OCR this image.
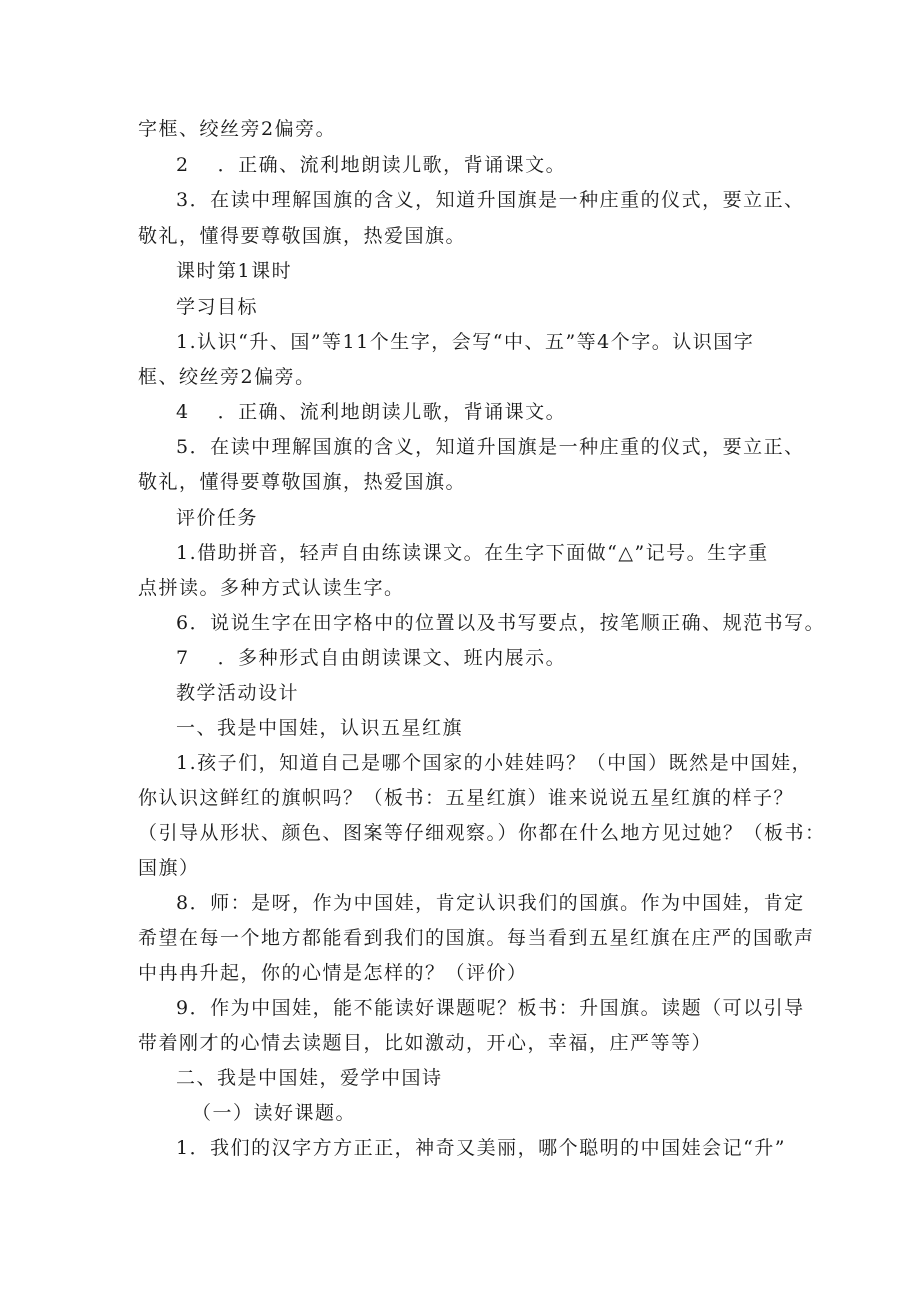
字框、绞丝旁2偏旁。
2 ．正确、流利地朗读儿歌，背诵课文。
3．在读中理解国旗的含义，知道升国旗是一种庄重的仪式，要立正、
敬礼，懂得要尊敬国旗，热爱国旗。
课时第1课时
学习目标
1.认识“升、国”等11个生字，会写“中、五”等4个字。认识国字
框、绞丝旁2偏旁。
4 ．正确、流利地朗读儿歌，背诵课文。
5．在读中理解国旗的含义，知道升国旗是一种庄重的仪式，要立正、
敬礼，懂得要尊敬国旗，热爱国旗。
评价任务
1.借助拼音，轻声自由练读课文。在生字下面做“△”记号。生字重
点拼读。多种方式认读生字。
6．说说生字在田字格中的位置以及书写要点，按笔顺正确、规范书写。
7 ．多种形式自由朗读课文、班内展示。
教学活动设计
一、我是中国娃，认识五星红旗
1.孩子们，知道自己是哪个国家的小娃娃吗？（中国）既然是中国娃，
你认识这鲜红的旗帜吗？（板书：五星红旗）谁来说说五星红旗的样子？
（引导从形状、颜色、图案等仔细观察。）你都在什么地方见过她？（板书：
国旗）
8．师：是呀，作为中国娃，肯定认识我们的国旗。作为中国娃，肯定
希望在每一个地方都能看到我们的国旗。每当看到五星红旗在庄严的国歌声
中冉冉升起，你的心情是怎样的？（评价）
9．作为中国娃，能不能读好课题呢？板书：升国旗。读题（可以引导
带着刚才的心情去读题目，比如激动，开心，幸福，庄严等等）
二、我是中国娃，爱学中国诗
（一）读好课题。
1．我们的汉字方方正正，神奇又美丽，哪个聪明的中国娃会记“升”
